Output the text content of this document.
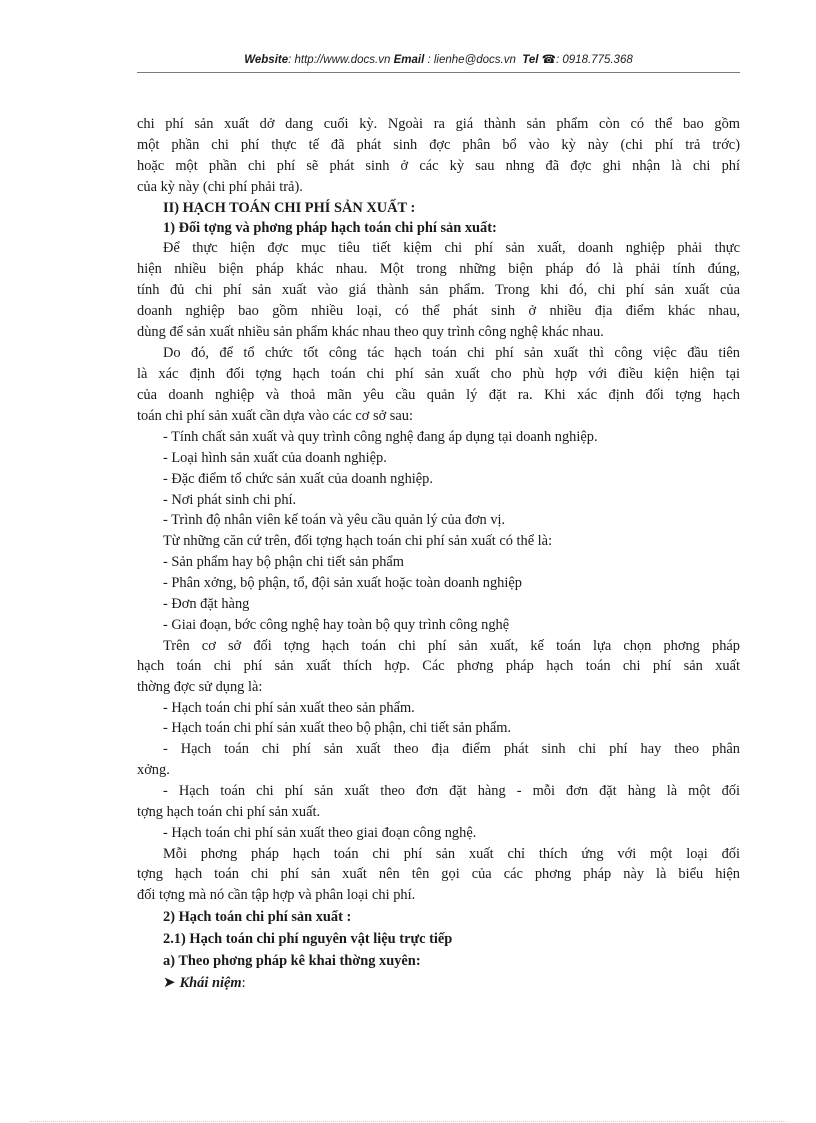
Website: http://www.docs.vn Email : lienhe@docs.vn Tel ☎: 0918.775.368
chi phí sản xuất dở dang cuối kỳ. Ngoài ra giá thành sản phẩm còn có thể bao gồm
một phần chi phí thực tế đã phát sinh đợc phân bổ vào kỳ này (chi phí trả trớc)
hoặc một phần chi phí sẽ phát sinh ở các kỳ sau nhng đã đợc ghi nhận là chi phí
của kỳ này (chi phí phải trả).
II) HẠCH TOÁN CHI PHÍ SẢN XUẤT :
1) Đối tợng và phơng pháp hạch toán chi phí sản xuất:
Để thực hiện đợc mục tiêu tiết kiệm chi phí sản xuất, doanh nghiệp phải thực
hiện nhiều biện pháp khác nhau. Một trong những biện pháp đó là phải tính đúng,
tính đủ chi phí sản xuất vào giá thành sản phẩm. Trong khi đó, chi phí sản xuất của
doanh nghiệp bao gồm nhiều loại, có thể phát sinh ở nhiều địa điểm khác nhau,
dùng để sản xuất nhiều sản phẩm khác nhau theo quy trình công nghệ khác nhau.
Do đó, để tổ chức tốt công tác hạch toán chi phí sản xuất thì công việc đầu tiên
là xác định đối tợng hạch toán chi phí sản xuất cho phù hợp với điều kiện hiện tại
của doanh nghiệp và thoả mãn yêu cầu quản lý đặt ra. Khi xác định đối tợng hạch
toán chi phí sản xuất cần dựa vào các cơ sở sau:
- Tính chất sản xuất và quy trình công nghệ đang áp dụng tại doanh nghiệp.
- Loại hình sản xuất của doanh nghiệp.
- Đặc điểm tổ chức sản xuất của doanh nghiệp.
- Nơi phát sinh chi phí.
- Trình độ nhân viên kế toán và yêu cầu quản lý của đơn vị.
Từ những căn cứ trên, đối tợng hạch toán chi phí sản xuất có thể là:
- Sản phẩm hay bộ phận chi tiết sản phẩm
- Phân xởng, bộ phận, tổ, đội sản xuất hoặc toàn doanh nghiệp
- Đơn đặt hàng
- Giai đoạn, bớc công nghệ hay toàn bộ quy trình công nghệ
Trên cơ sở đối tợng hạch toán chi phí sản xuất, kế toán lựa chọn phơng pháp
hạch toán chi phí sản xuất thích hợp. Các phơng pháp hạch toán chi phí sản xuất
thờng đợc sử dụng là:
- Hạch toán chi phí sản xuất theo sản phẩm.
- Hạch toán chi phí sản xuất theo bộ phận, chi tiết sản phẩm.
- Hạch toán chi phí sản xuất theo địa điểm phát sinh chi phí hay theo phân
xởng.
- Hạch toán chi phí sản xuất theo đơn đặt hàng - mỗi đơn đặt hàng là một đối
tợng hạch toán chi phí sản xuất.
- Hạch toán chi phí sản xuất theo giai đoạn công nghệ.
Mỗi phơng pháp hạch toán chi phí sản xuất chỉ thích ứng với một loại đối
tợng hạch toán chi phí sản xuất nên tên gọi của các phơng pháp này là biểu hiện
đối tợng mà nó cần tập hợp và phân loại chi phí.
2) Hạch toán chi phí sản xuất :
2.1) Hạch toán chi phí nguyên vật liệu trực tiếp
a) Theo phơng pháp kê khai thờng xuyên:
➤ Khái niệm:
